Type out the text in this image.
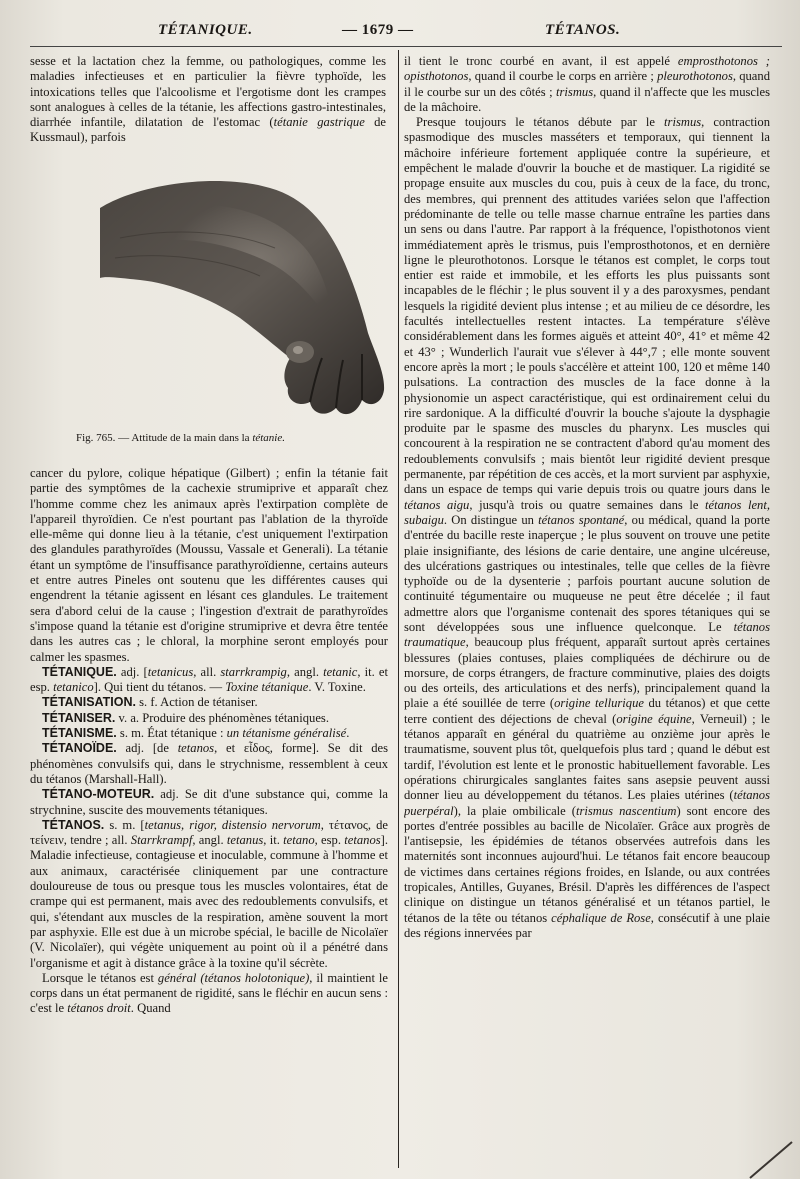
TÉTANIQUE.	— 1679 —	TÉTANOS.

sesse et la lactation chez la femme, ou pathologiques, comme les maladies infectieuses et en particulier la fièvre typhoïde, les intoxications telles que l'alcoolisme et l'ergotisme dont les crampes sont analogues à celles de la tétanie, les affections gastro-intestinales, diarrhée infantile, dilatation de l'estomac (tétanie gastrique de Kussmaul), parfois

Fig. 765. — Attitude de la main dans la tétanie.

cancer du pylore, colique hépatique (Gilbert) ; enfin la tétanie fait partie des symptômes de la cachexie strumiprive et apparaît chez l'homme comme chez les animaux après l'extirpation complète de l'appareil thyroïdien. Ce n'est pourtant pas l'ablation de la thyroïde elle-même qui donne lieu à la tétanie, c'est uniquement l'extirpation des glandules parathyroïdes (Moussu, Vassale et Generali). La tétanie étant un symptôme de l'insuffisance parathyroïdienne, certains auteurs et entre autres Pineles ont soutenu que les différentes causes qui engendrent la tétanie agissent en lésant ces glandules. Le traitement sera d'abord celui de la cause ; l'ingestion d'extrait de parathyroïdes s'impose quand la tétanie est d'origine strumiprive et devra être tentée dans les autres cas ; le chloral, la morphine seront employés pour calmer les spasmes.

TÉTANIQUE. adj. [tetanicus, all. starrkrampig, angl. tetanic, it. et esp. tetanico]. Qui tient du tétanos. — Toxine tétanique. V. Toxine.

TÉTANISATION. s. f. Action de tétaniser.

TÉTANISER. v. a. Produire des phénomènes tétaniques.

TÉTANISME. s. m. État tétanique : un tétanisme généralisé.

TÉTANOÏDE. adj. [de tetanos, et εἶδος, forme]. Se dit des phénomènes convulsifs qui, dans le strychnisme, ressemblent à ceux du tétanos (Marshall-Hall).

TÉTANO-MOTEUR. adj. Se dit d'une substance qui, comme la strychnine, suscite des mouvements tétaniques.

TÉTANOS. s. m. [tetanus, rigor, distensio nervorum, τέτανος, de τείνειν, tendre ; all. Starrkrampf, angl. tetanus, it. tetano, esp. tetanos]. Maladie infectieuse, contagieuse et inoculable, commune à l'homme et aux animaux, caractérisée cliniquement par une contracture douloureuse de tous ou presque tous les muscles volontaires, état de crampe qui est permanent, mais avec des redoublements convulsifs, et qui, s'étendant aux muscles de la respiration, amène souvent la mort par asphyxie. Elle est due à un microbe spécial, le bacille de Nicolaïer (V. Nicolaïer), qui végète uniquement au point où il a pénétré dans l'organisme et agit à distance grâce à la toxine qu'il sécrète.

Lorsque le tétanos est général (tétanos holotonique), il maintient le corps dans un état permanent de rigidité, sans le fléchir en aucun sens : c'est le tétanos droit. Quand

il tient le tronc courbé en avant, il est appelé emprosthotonos ; opisthotonos, quand il courbe le corps en arrière ; pleurothotonos, quand il le courbe sur un des côtés ; trismus, quand il n'affecte que les muscles de la mâchoire.

Presque toujours le tétanos débute par le trismus, contraction spasmodique des muscles masséters et temporaux, qui tiennent la mâchoire inférieure fortement appliquée contre la supérieure, et empêchent le malade d'ouvrir la bouche et de mastiquer. La rigidité se propage ensuite aux muscles du cou, puis à ceux de la face, du tronc, des membres, qui prennent des attitudes variées selon que l'affection prédominante de telle ou telle masse charnue entraîne les parties dans un sens ou dans l'autre. Par rapport à la fréquence, l'opisthotonos vient immédiatement après le trismus, puis l'emprosthotonos, et en dernière ligne le pleurothotonos. Lorsque le tétanos est complet, le corps tout entier est raide et immobile, et les efforts les plus puissants sont incapables de le fléchir ; le plus souvent il y a des paroxysmes, pendant lesquels la rigidité devient plus intense ; et au milieu de ce désordre, les facultés intellectuelles restent intactes. La température s'élève considérablement dans les formes aiguës et atteint 40°, 41° et même 42 et 43° ; Wunderlich l'aurait vue s'élever à 44°,7 ; elle monte souvent encore après la mort ; le pouls s'accélère et atteint 100, 120 et même 140 pulsations. La contraction des muscles de la face donne à la physionomie un aspect caractéristique, qui est ordinairement celui du rire sardonique. A la difficulté d'ouvrir la bouche s'ajoute la dysphagie produite par le spasme des muscles du pharynx. Les muscles qui concourent à la respiration ne se contractent d'abord qu'au moment des redoublements convulsifs ; mais bientôt leur rigidité devient presque permanente, par répétition de ces accès, et la mort survient par asphyxie, dans un espace de temps qui varie depuis trois ou quatre jours dans le tétanos aigu, jusqu'à trois ou quatre semaines dans le tétanos lent, subaigu. On distingue un tétanos spontané, ou médical, quand la porte d'entrée du bacille reste inaperçue ; le plus souvent on trouve une petite plaie insignifiante, des lésions de carie dentaire, une angine ulcéreuse, des ulcérations gastriques ou intestinales, telle que celles de la fièvre typhoïde ou de la dysenterie ; parfois pourtant aucune solution de continuité tégumentaire ou muqueuse ne peut être décelée ; il faut admettre alors que l'organisme contenait des spores tétaniques qui se sont développées sous une influence quelconque. Le tétanos traumatique, beaucoup plus fréquent, apparaît surtout après certaines blessures (plaies contuses, plaies compliquées de déchirure ou de morsure, de corps étrangers, de fracture comminutive, plaies des doigts ou des orteils, des articulations et des nerfs), principalement quand la plaie a été souillée de terre (origine tellurique du tétanos) et que cette terre contient des déjections de cheval (origine équine, Verneuil) ; le tétanos apparaît en général du quatrième au onzième jour après le traumatisme, souvent plus tôt, quelquefois plus tard ; quand le début est tardif, l'évolution est lente et le pronostic habituellement favorable. Les opérations chirurgicales sanglantes faites sans asepsie peuvent aussi donner lieu au développement du tétanos. Les plaies utérines (tétanos puerpéral), la plaie ombilicale (trismus nascentium) sont encore des portes d'entrée possibles au bacille de Nicolaïer. Grâce aux progrès de l'antisepsie, les épidémies de tétanos observées autrefois dans les maternités sont inconnues aujourd'hui. Le tétanos fait encore beaucoup de victimes dans certaines régions froides, en Islande, ou aux contrées tropicales, Antilles, Guyanes, Brésil. D'après les différences de l'aspect clinique on distingue un tétanos généralisé et un tétanos partiel, le tétanos de la tête ou tétanos céphalique de Rose, consécutif à une plaie des régions innervées par
